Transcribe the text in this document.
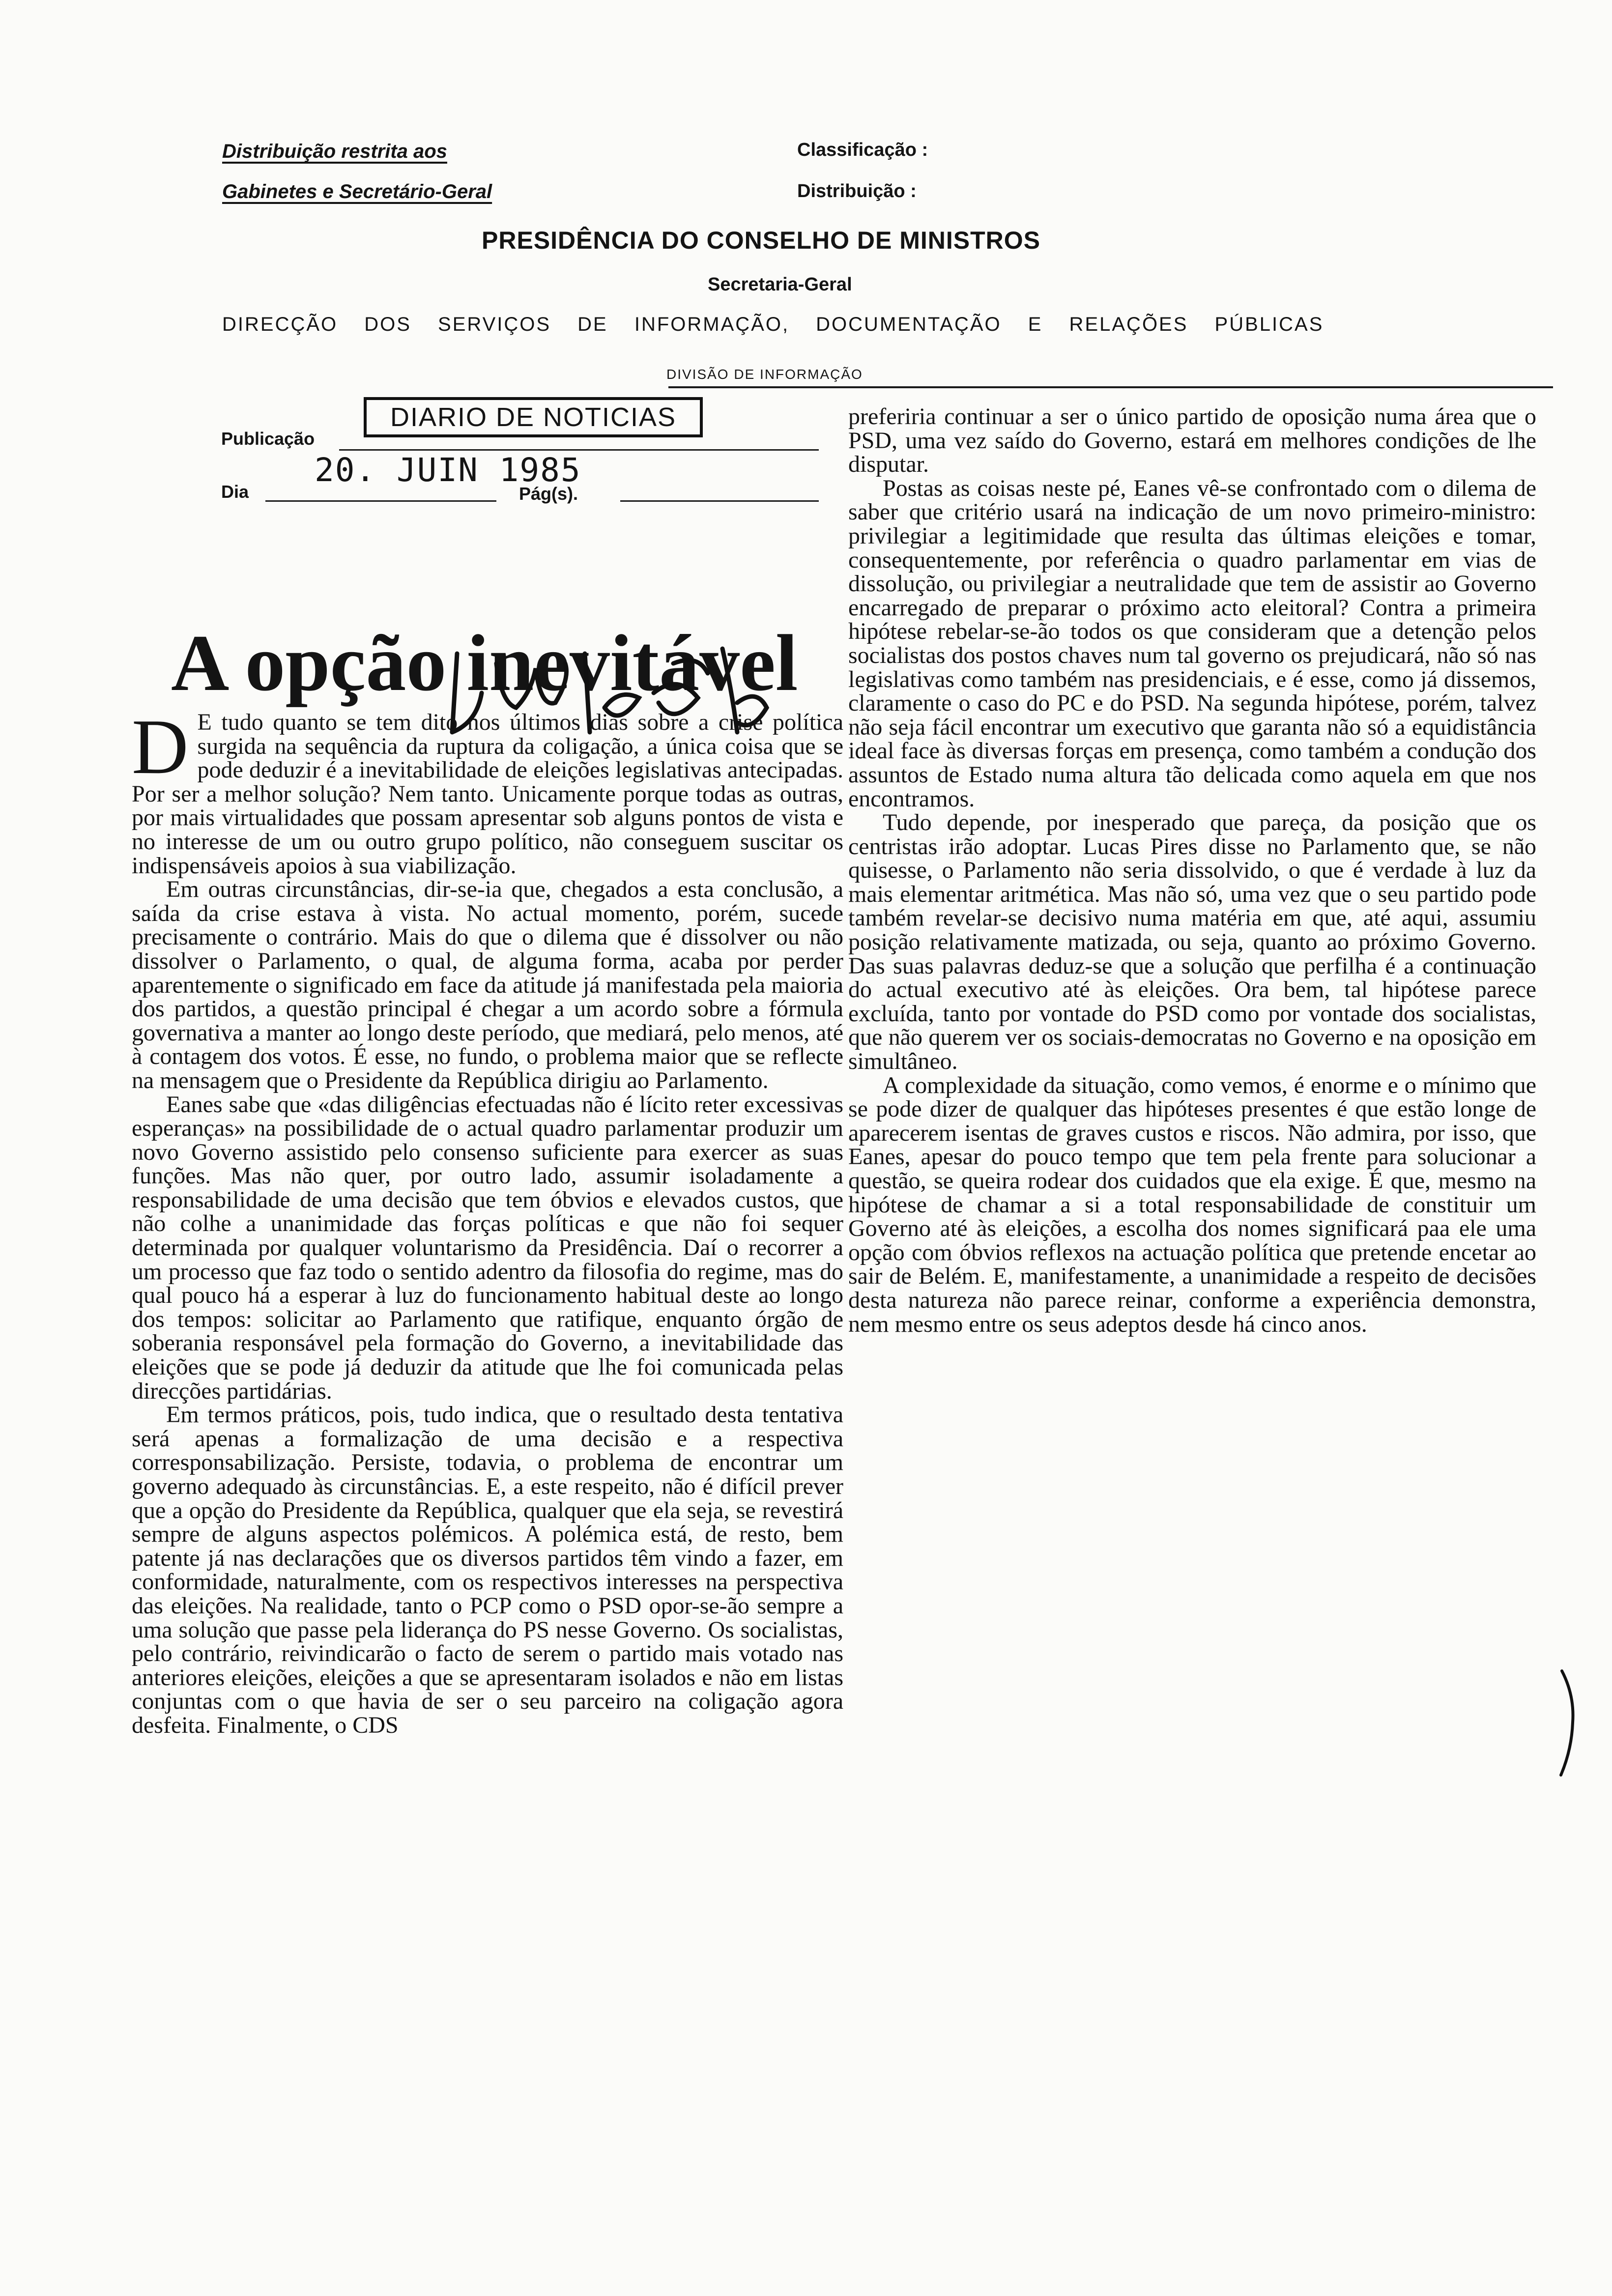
Distribuição restrita aos
Gabinetes e Secretário-Geral
Classificação :
Distribuição :
PRESIDÊNCIA DO CONSELHO DE MINISTROS
Secretaria-Geral
DIRECÇÃO DOS SERVIÇOS DE INFORMAÇÃO, DOCUMENTAÇÃO E RELAÇÕES PÚBLICAS
DIVISÃO DE INFORMAÇÃO
Publicação
DIARIO DE NOTICIAS
Dia
20. JUIN 1985
Pág(s).
A opção inevitável

D E tudo quanto se tem dito nos últimos dias sobre a crise política surgida na sequência da ruptura da coligação, a única coisa que se pode deduzir é a inevitabilidade de eleições legislativas antecipadas. Por ser a melhor solução? Nem tanto. Unicamente porque todas as outras, por mais virtualidades que possam apresentar sob alguns pontos de vista e no interesse de um ou outro grupo político, não conseguem suscitar os indispensáveis apoios à sua viabilização.

Em outras circunstâncias, dir-se-ia que, chegados a esta conclusão, a saída da crise estava à vista. No actual momento, porém, sucede precisamente o contrário. Mais do que o dilema que é dissolver ou não dissolver o Parlamento, o qual, de alguma forma, acaba por perder aparentemente o significado em face da atitude já manifestada pela maioria dos partidos, a questão principal é chegar a um acordo sobre a fórmula governativa a manter ao longo deste período, que mediará, pelo menos, até à contagem dos votos. É esse, no fundo, o problema maior que se reflecte na mensagem que o Presidente da República dirigiu ao Parlamento.

Eanes sabe que «das diligências efectuadas não é lícito reter excessivas esperanças» na possibilidade de o actual quadro parlamentar produzir um novo Governo assistido pelo consenso suficiente para exercer as suas funções. Mas não quer, por outro lado, assumir isoladamente a responsabilidade de uma decisão que tem óbvios e elevados custos, que não colhe a unanimidade das forças políticas e que não foi sequer determinada por qualquer voluntarismo da Presidência. Daí o recorrer a um processo que faz todo o sentido adentro da filosofia do regime, mas do qual pouco há a esperar à luz do funcionamento habitual deste ao longo dos tempos: solicitar ao Parlamento que ratifique, enquanto órgão de soberania responsável pela formação do Governo, a inevitabilidade das eleições que se pode já deduzir da atitude que lhe foi comunicada pelas direcções partidárias.

Em termos práticos, pois, tudo indica, que o resultado desta tentativa será apenas a formalização de uma decisão e a respectiva corresponsabilização. Persiste, todavia, o problema de encontrar um governo adequado às circunstâncias. E, a este respeito, não é difícil prever que a opção do Presidente da República, qualquer que ela seja, se revestirá sempre de alguns aspectos polémicos. A polémica está, de resto, bem patente já nas declarações que os diversos partidos têm vindo a fazer, em conformidade, naturalmente, com os respectivos interesses na perspectiva das eleições. Na realidade, tanto o PCP como o PSD opor-se-ão sempre a uma solução que passe pela liderança do PS nesse Governo. Os socialistas, pelo contrário, reivindicarão o facto de serem o partido mais votado nas anteriores eleições, eleições a que se apresentaram isolados e não em listas conjuntas com o que havia de ser o seu parceiro na coligação agora desfeita. Finalmente, o CDS

preferiria continuar a ser o único partido de oposição numa área que o PSD, uma vez saído do Governo, estará em melhores condições de lhe disputar.

Postas as coisas neste pé, Eanes vê-se confrontado com o dilema de saber que critério usará na indicação de um novo primeiro-ministro: privilegiar a legitimidade que resulta das últimas eleições e tomar, consequentemente, por referência o quadro parlamentar em vias de dissolução, ou privilegiar a neutralidade que tem de assistir ao Governo encarregado de preparar o próximo acto eleitoral? Contra a primeira hipótese rebelar-se-ão todos os que consideram que a detenção pelos socialistas dos postos chaves num tal governo os prejudicará, não só nas legislativas como também nas presidenciais, e é esse, como já dissemos, claramente o caso do PC e do PSD. Na segunda hipótese, porém, talvez não seja fácil encontrar um executivo que garanta não só a equidistância ideal face às diversas forças em presença, como também a condução dos assuntos de Estado numa altura tão delicada como aquela em que nos encontramos.

Tudo depende, por inesperado que pareça, da posição que os centristas irão adoptar. Lucas Pires disse no Parlamento que, se não quisesse, o Parlamento não seria dissolvido, o que é verdade à luz da mais elementar aritmética. Mas não só, uma vez que o seu partido pode também revelar-se decisivo numa matéria em que, até aqui, assumiu posição relativamente matizada, ou seja, quanto ao próximo Governo. Das suas palavras deduz-se que a solução que perfilha é a continuação do actual executivo até às eleições. Ora bem, tal hipótese parece excluída, tanto por vontade do PSD como por vontade dos socialistas, que não querem ver os sociais-democratas no Governo e na oposição em simultâneo.

A complexidade da situação, como vemos, é enorme e o mínimo que se pode dizer de qualquer das hipóteses presentes é que estão longe de aparecerem isentas de graves custos e riscos. Não admira, por isso, que Eanes, apesar do pouco tempo que tem pela frente para solucionar a questão, se queira rodear dos cuidados que ela exige. É que, mesmo na hipótese de chamar a si a total responsabilidade de constituir um Governo até às eleições, a escolha dos nomes significará paa ele uma opção com óbvios reflexos na actuação política que pretende encetar ao sair de Belém. E, manifestamente, a unanimidade a respeito de decisões desta natureza não parece reinar, conforme a experiência demonstra, nem mesmo entre os seus adeptos desde há cinco anos.
